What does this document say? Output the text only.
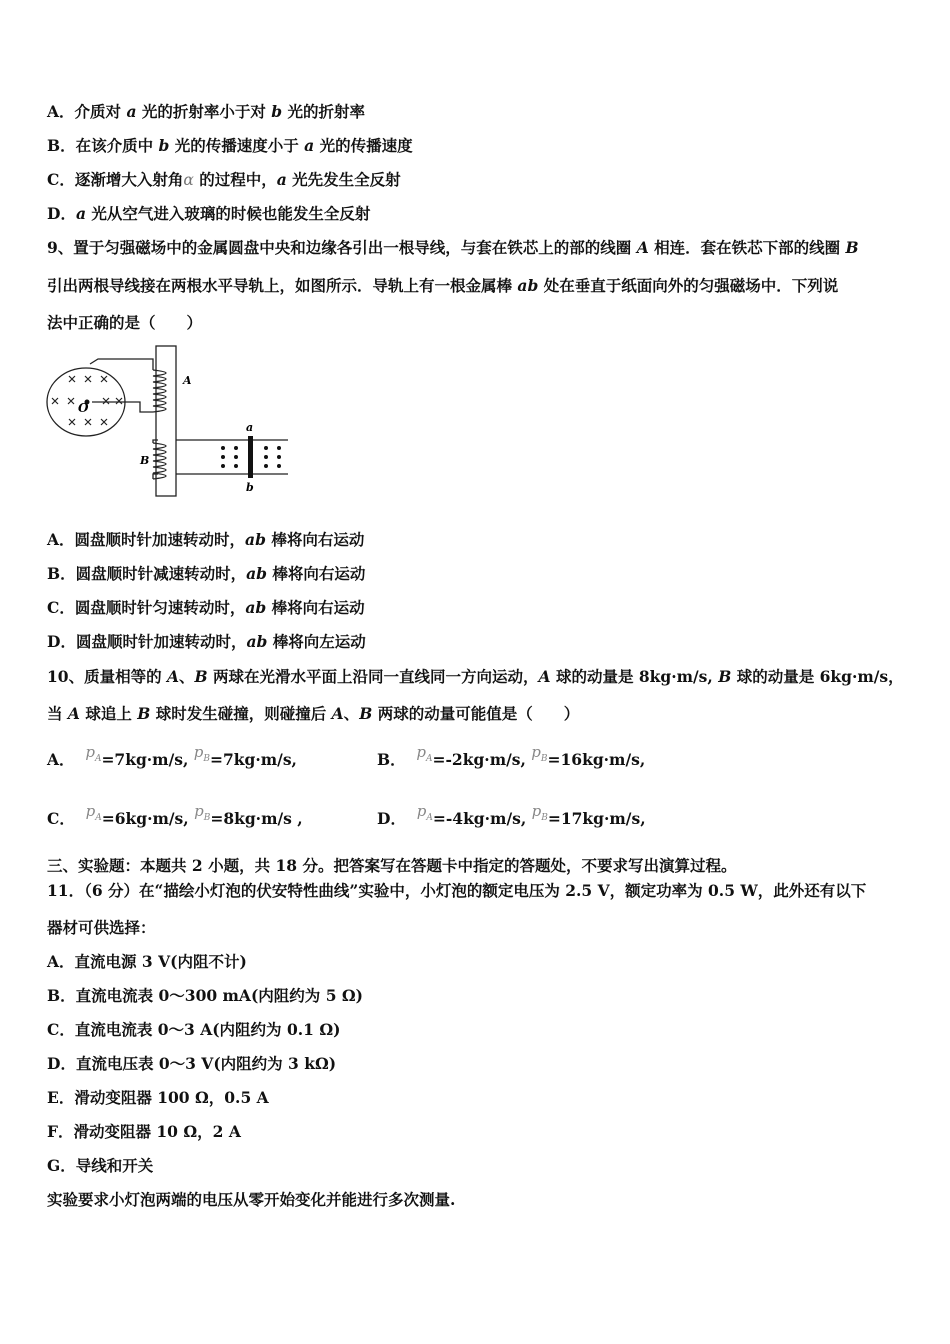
A．介质对 a 光的折射率小于对 b 光的折射率
B．在该介质中 b 光的传播速度小于 a 光的传播速度
C．逐渐增大入射角α 的过程中，a 光先发生全反射
D．a 光从空气进入玻璃的时候也能发生全反射
9、置于匀强磁场中的金属圆盘中央和边缘各引出一根导线，与套在铁芯上的部的线圈 A 相连．套在铁芯下部的线圈 B
引出两根导线接在两根水平导轨上，如图所示．导轨上有一根金属棒 ab 处在垂直于纸面向外的匀强磁场中．下列说
法中正确的是（　　）
A
B
O
a
b
A．圆盘顺时针加速转动时，ab 棒将向右运动
B．圆盘顺时针减速转动时，ab 棒将向右运动
C．圆盘顺时针匀速转动时，ab 棒将向右运动
D．圆盘顺时针加速转动时，ab 棒将向左运动
10、质量相等的 A、B 两球在光滑水平面上沿同一直线同一方向运动，A 球的动量是 8kg·m/s, B 球的动量是 6kg·m/s，
当 A 球追上 B 球时发生碰撞，则碰撞后 A、B 两球的动量可能值是（　　）
A． $p_A=7kg\cdot m/s$, $p_B=7kg\cdot m/s$,	B． $p_A=-2kg\cdot m/s$, $p_B=16kg\cdot m/s$,
C． $p_A=6kg\cdot m/s$, $p_B=8kg\cdot m/s$ ,	D． $p_A=-4kg\cdot m/s$, $p_B=17kg\cdot m/s$,
三、实验题：本题共 2 小题，共 18 分。把答案写在答题卡中指定的答题处，不要求写出演算过程。
11．（6 分）在“描绘小灯泡的伏安特性曲线”实验中，小灯泡的额定电压为 2.5 V，额定功率为 0.5 W，此外还有以下
器材可供选择：
A．直流电源 3 V(内阻不计)
B．直流电流表 0～300 mA(内阻约为 5 Ω)
C．直流电流表 0～3 A(内阻约为 0.1 Ω)
D．直流电压表 0～3 V(内阻约为 3 kΩ)
E．滑动变阻器 100 Ω，0.5 A
F．滑动变阻器 10 Ω，2 A
G．导线和开关
实验要求小灯泡两端的电压从零开始变化并能进行多次测量.
